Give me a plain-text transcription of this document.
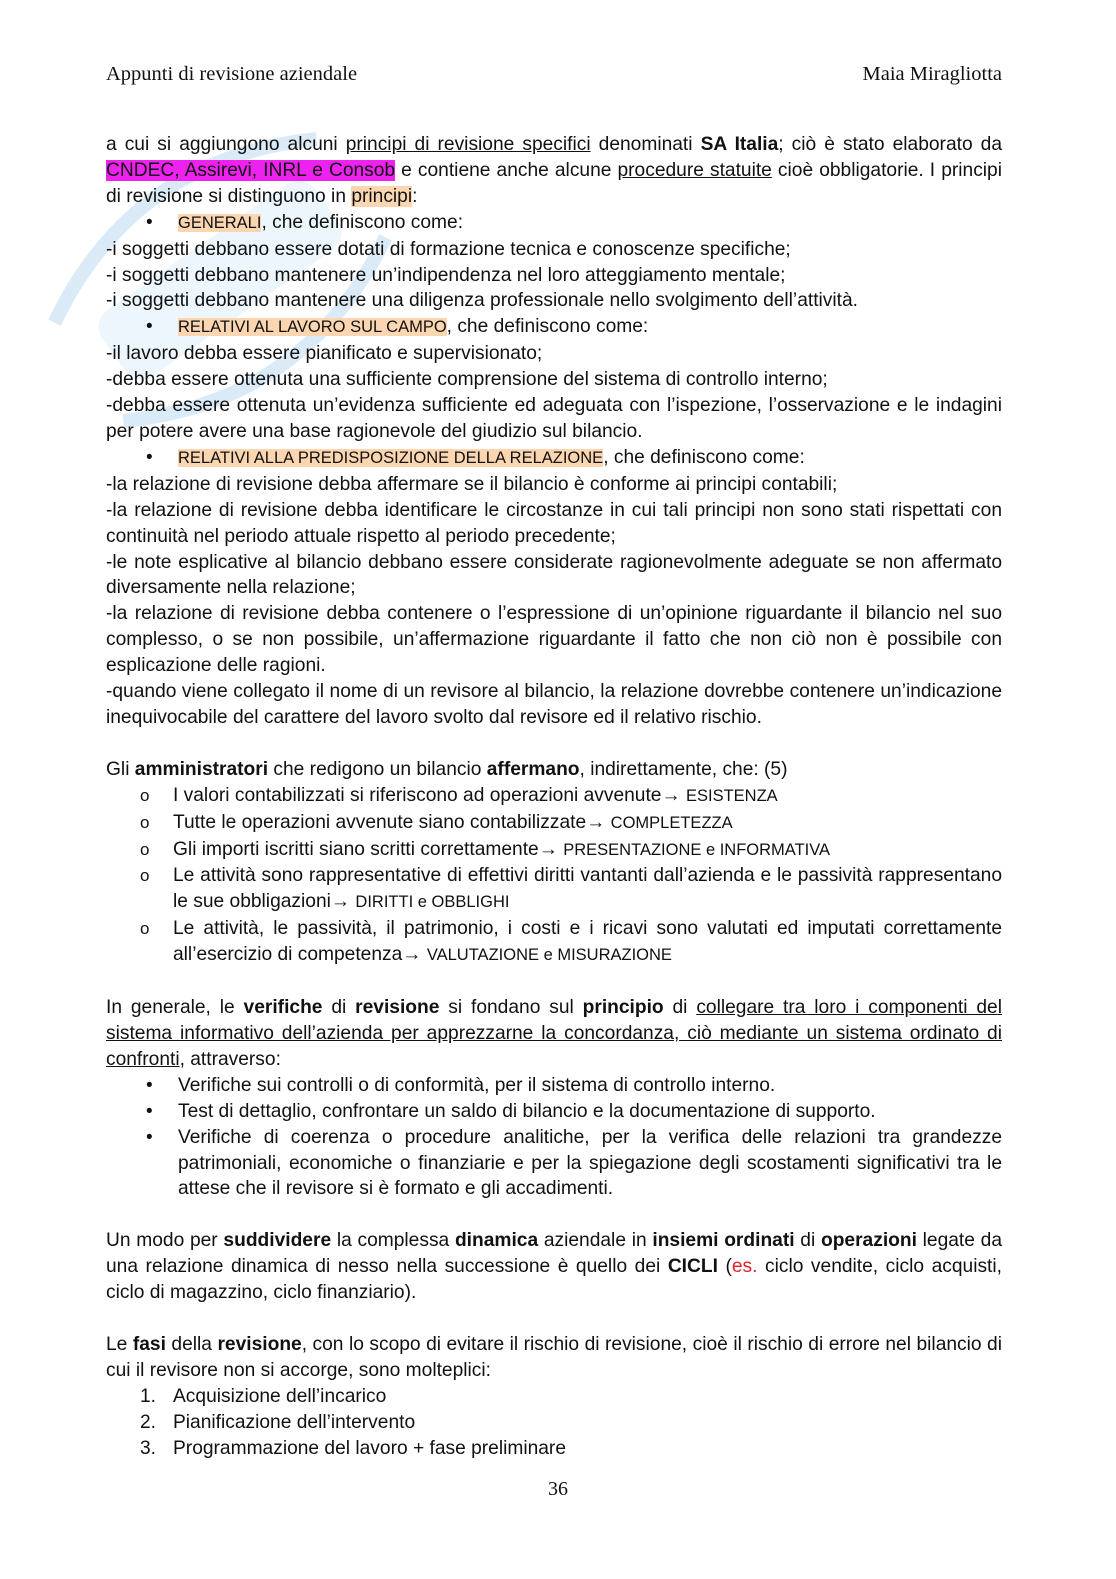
Appunti di revisione aziendale	Maia Miragliotta

a cui si aggiungono alcuni principi di revisione specifici denominati SA Italia; ciò è stato elaborato da CNDEC, Assirevi, INRL e Consob e contiene anche alcune procedure statuite cioè obbligatorie. I principi di revisione si distinguono in principi:

• GENERALI, che definiscono come:

-i soggetti debbano essere dotati di formazione tecnica e conoscenze specifiche;

-i soggetti debbano mantenere un’indipendenza nel loro atteggiamento mentale;

-i soggetti debbano mantenere una diligenza professionale nello svolgimento dell’attività.

• RELATIVI AL LAVORO SUL CAMPO, che definiscono come:

-il lavoro debba essere pianificato e supervisionato;

-debba essere ottenuta una sufficiente comprensione del sistema di controllo interno;

-debba essere ottenuta un’evidenza sufficiente ed adeguata con l’ispezione, l’osservazione e le indagini per potere avere una base ragionevole del giudizio sul bilancio.

• RELATIVI ALLA PREDISPOSIZIONE DELLA RELAZIONE, che definiscono come:

-la relazione di revisione debba affermare se il bilancio è conforme ai principi contabili;

-la relazione di revisione debba identificare le circostanze in cui tali principi non sono stati rispettati con continuità nel periodo attuale rispetto al periodo precedente;

-le note esplicative al bilancio debbano essere considerate ragionevolmente adeguate se non affermato diversamente nella relazione;

-la relazione di revisione debba contenere o l’espressione di un’opinione riguardante il bilancio nel suo complesso, o se non possibile, un’affermazione riguardante il fatto che non ciò non è possibile con esplicazione delle ragioni.

-quando viene collegato il nome di un revisore al bilancio, la relazione dovrebbe contenere un’indicazione inequivocabile del carattere del lavoro svolto dal revisore ed il relativo rischio.

Gli amministratori che redigono un bilancio affermano, indirettamente, che: (5)

o I valori contabilizzati si riferiscono ad operazioni avvenute→ ESISTENZA
o Tutte le operazioni avvenute siano contabilizzate→ COMPLETEZZA
o Gli importi iscritti siano scritti correttamente→ PRESENTAZIONE e INFORMATIVA
o Le attività sono rappresentative di effettivi diritti vantanti dall’azienda e le passività rappresentano le sue obbligazioni→ DIRITTI e OBBLIGHI
o Le attività, le passività, il patrimonio, i costi e i ricavi sono valutati ed imputati correttamente all’esercizio di competenza→ VALUTAZIONE e MISURAZIONE

In generale, le verifiche di revisione si fondano sul principio di collegare tra loro i componenti del sistema informativo dell’azienda per apprezzarne la concordanza, ciò mediante un sistema ordinato di confronti, attraverso:

• Verifiche sui controlli o di conformità, per il sistema di controllo interno.
• Test di dettaglio, confrontare un saldo di bilancio e la documentazione di supporto.
• Verifiche di coerenza o procedure analitiche, per la verifica delle relazioni tra grandezze patrimoniali, economiche o finanziarie e per la spiegazione degli scostamenti significativi tra le attese che il revisore si è formato e gli accadimenti.

Un modo per suddividere la complessa dinamica aziendale in insiemi ordinati di operazioni legate da una relazione dinamica di nesso nella successione è quello dei CICLI (es. ciclo vendite, ciclo acquisti, ciclo di magazzino, ciclo finanziario).

Le fasi della revisione, con lo scopo di evitare il rischio di revisione, cioè il rischio di errore nel bilancio di cui il revisore non si accorge, sono molteplici:

1. Acquisizione dell’incarico
2. Pianificazione dell’intervento
3. Programmazione del lavoro + fase preliminare
36
